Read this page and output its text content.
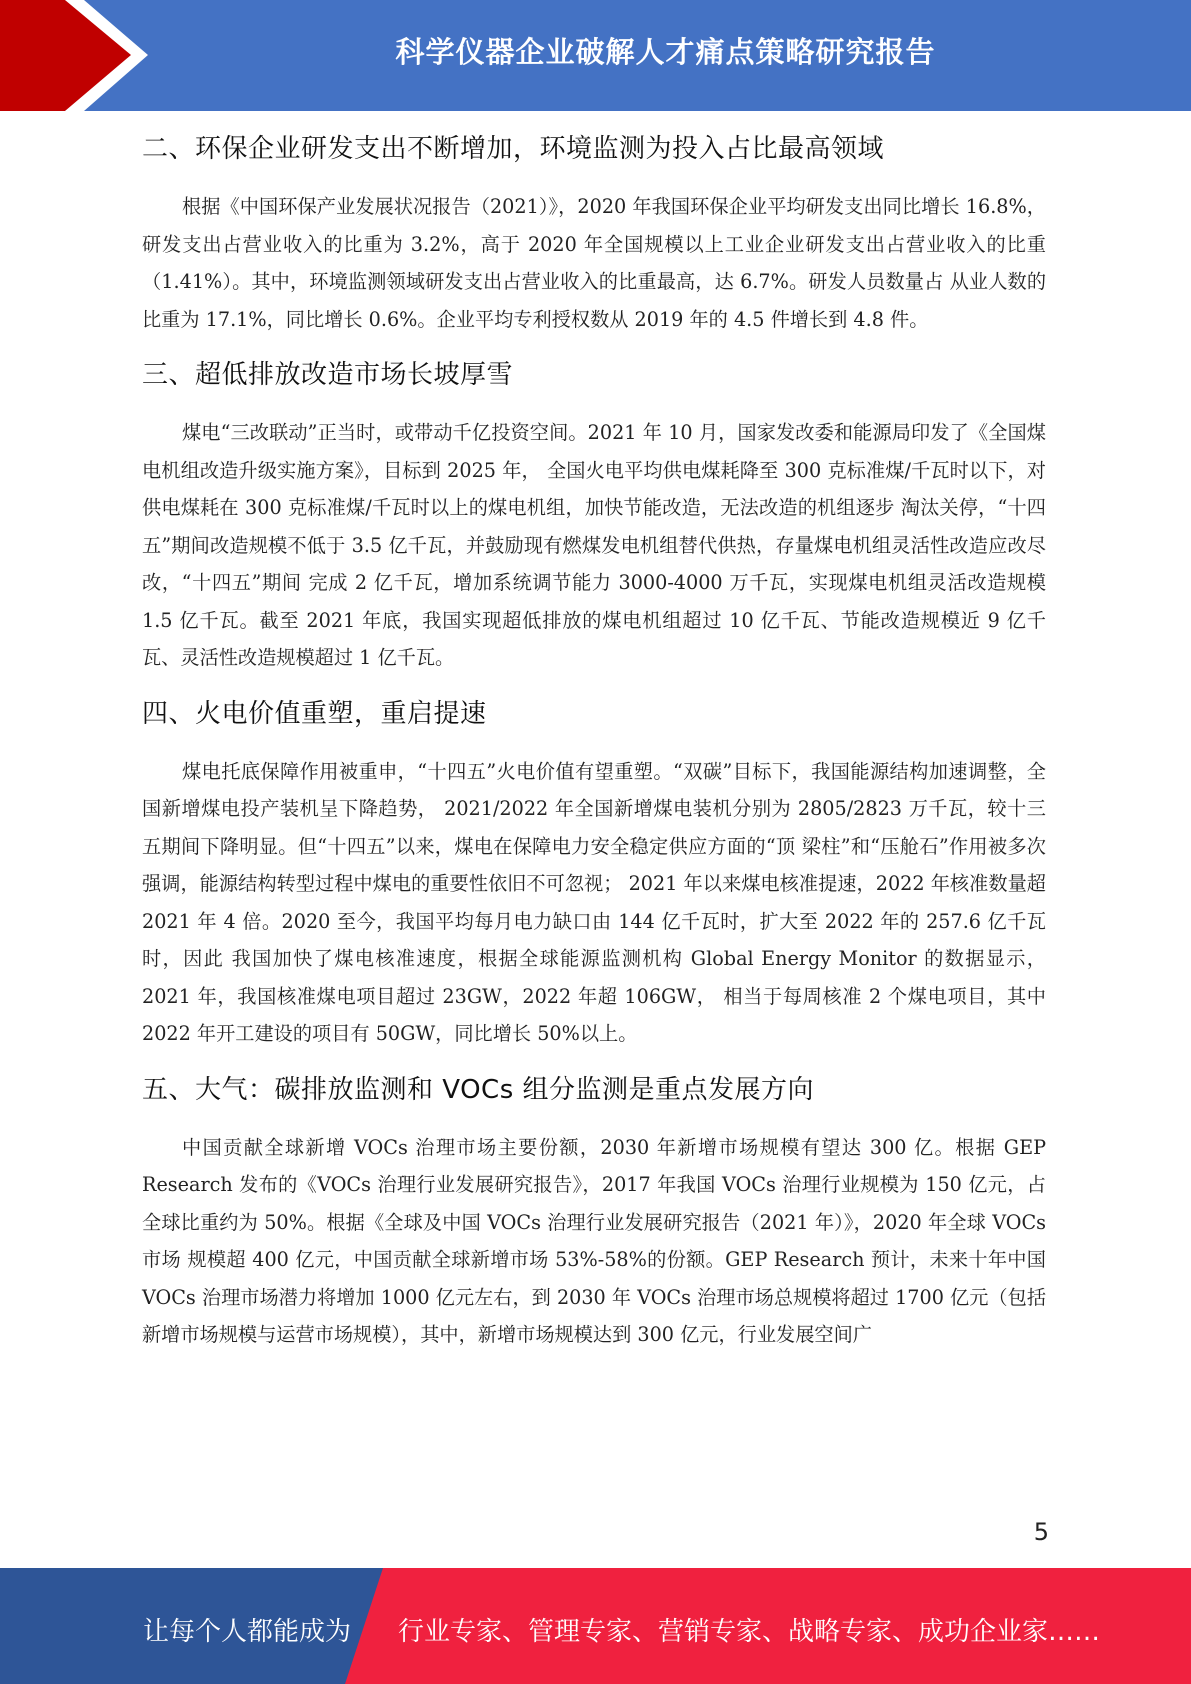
科学仪器企业破解人才痛点策略研究报告
二、环保企业研发支出不断增加，环境监测为投入占比最高领域

根据《中国环保产业发展状况报告（2021）》，2020 年我国环保企业平均研发支出同比增长 16.8%，研发支出占营业收入的比重为 3.2%，高于 2020 年全国规模以上工业企业研发支出占营业收入的比重（1.41%）。其中，环境监测领域研发支出占营业收入的比重最高，达 6.7%。研发人员数量占 从业人数的比重为 17.1%，同比增长 0.6%。企业平均专利授权数从 2019 年的 4.5 件增长到 4.8 件。

三、超低排放改造市场长坡厚雪

煤电“三改联动”正当时，或带动千亿投资空间。2021 年 10 月，国家发改委和能源局印发了《全国煤电机组改造升级实施方案》，目标到 2025 年， 全国火电平均供电煤耗降至 300 克标准煤/千瓦时以下，对供电煤耗在 300 克标准煤/千瓦时以上的煤电机组，加快节能改造，无法改造的机组逐步 淘汰关停，“十四五”期间改造规模不低于 3.5 亿千瓦，并鼓励现有燃煤发电机组替代供热，存量煤电机组灵活性改造应改尽改，“十四五”期间 完成 2 亿千瓦，增加系统调节能力 3000-4000 万千瓦，实现煤电机组灵活改造规模 1.5 亿千瓦。截至 2021 年底，我国实现超低排放的煤电机组超过 10 亿千瓦、节能改造规模近 9 亿千瓦、灵活性改造规模超过 1 亿千瓦。

四、火电价值重塑，重启提速

煤电托底保障作用被重申，“十四五”火电价值有望重塑。“双碳”目标下，我国能源结构加速调整，全国新增煤电投产装机呈下降趋势， 2021/2022 年全国新增煤电装机分别为 2805/2823 万千瓦，较十三五期间下降明显。但“十四五”以来，煤电在保障电力安全稳定供应方面的“顶 梁柱”和“压舱石”作用被多次强调，能源结构转型过程中煤电的重要性依旧不可忽视； 2021 年以来煤电核准提速，2022 年核准数量超 2021 年 4 倍。2020 至今，我国平均每月电力缺口由 144 亿千瓦时，扩大至 2022 年的 257.6 亿千瓦时，因此 我国加快了煤电核准速度，根据全球能源监测机构 Global Energy Monitor 的数据显示，2021 年，我国核准煤电项目超过 23GW，2022 年超 106GW， 相当于每周核准 2 个煤电项目，其中 2022 年开工建设的项目有 50GW，同比增长 50%以上。

五、大气：碳排放监测和 VOCs 组分监测是重点发展方向

中国贡献全球新增 VOCs 治理市场主要份额，2030 年新增市场规模有望达 300 亿。根据 GEP Research 发布的《VOCs 治理行业发展研究报告》，2017 年我国 VOCs 治理行业规模为 150 亿元，占全球比重约为 50%。根据《全球及中国 VOCs 治理行业发展研究报告（2021 年）》，2020 年全球 VOCs 市场 规模超 400 亿元，中国贡献全球新增市场 53%-58%的份额。GEP Research 预计，未来十年中国 VOCs 治理市场潜力将增加 1000 亿元左右，到 2030 年 VOCs 治理市场总规模将超过 1700 亿元（包括新增市场规模与运营市场规模），其中，新增市场规模达到 300 亿元，行业发展空间广

5
让每个人都能成为 行业专家、管理专家、营销专家、战略专家、成功企业家……
